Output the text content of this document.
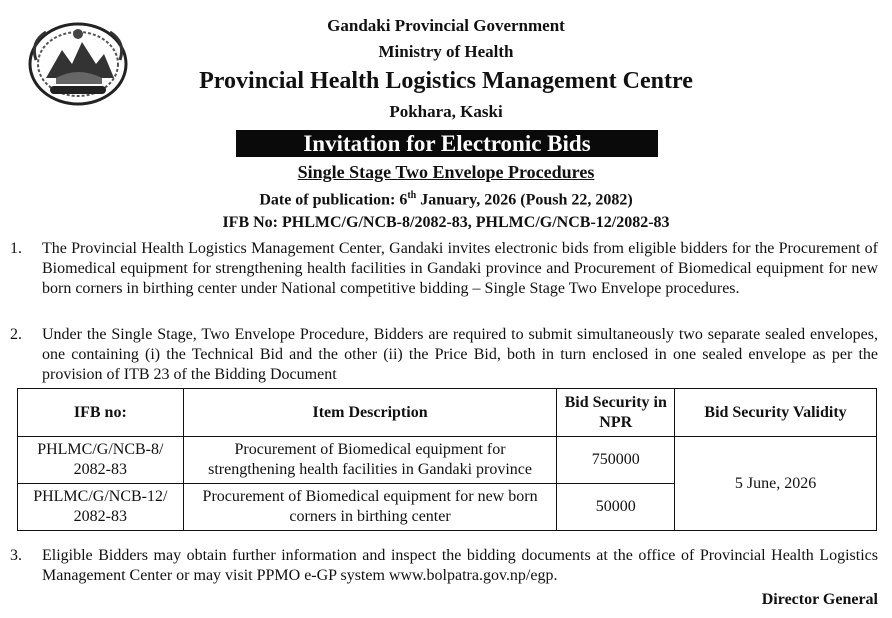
Gandaki Provincial Government
Ministry of Health
Provincial Health Logistics Management Centre
Pokhara, Kaski
Invitation for Electronic Bids
Single Stage Two Envelope Procedures
Date of publication: 6th January, 2026 (Poush 22, 2082)
IFB No: PHLMC/G/NCB-8/2082-83, PHLMC/G/NCB-12/2082-83
1. The Provincial Health Logistics Management Center, Gandaki invites electronic bids from eligible bidders for the Procurement of Biomedical equipment for strengthening health facilities in Gandaki province and Procurement of Biomedical equipment for new born corners in birthing center under National competitive bidding – Single Stage Two Envelope procedures.
2. Under the Single Stage, Two Envelope Procedure, Bidders are required to submit simultaneously two separate sealed envelopes, one containing (i) the Technical Bid and the other (ii) the Price Bid, both in turn enclosed in one sealed envelope as per the provision of ITB 23 of the Bidding Document
IFB no:	Item Description	Bid Security in NPR	Bid Security Validity
PHLMC/G/NCB-8/ 2082-83	Procurement of Biomedical equipment for strengthening health facilities in Gandaki province	750000	5 June, 2026
PHLMC/G/NCB-12/ 2082-83	Procurement of Biomedical equipment for new born corners in birthing center	50000	
3. Eligible Bidders may obtain further information and inspect the bidding documents at the office of Provincial Health Logistics Management Center or may visit PPMO e-GP system www.bolpatra.gov.np/egp.
Director General
